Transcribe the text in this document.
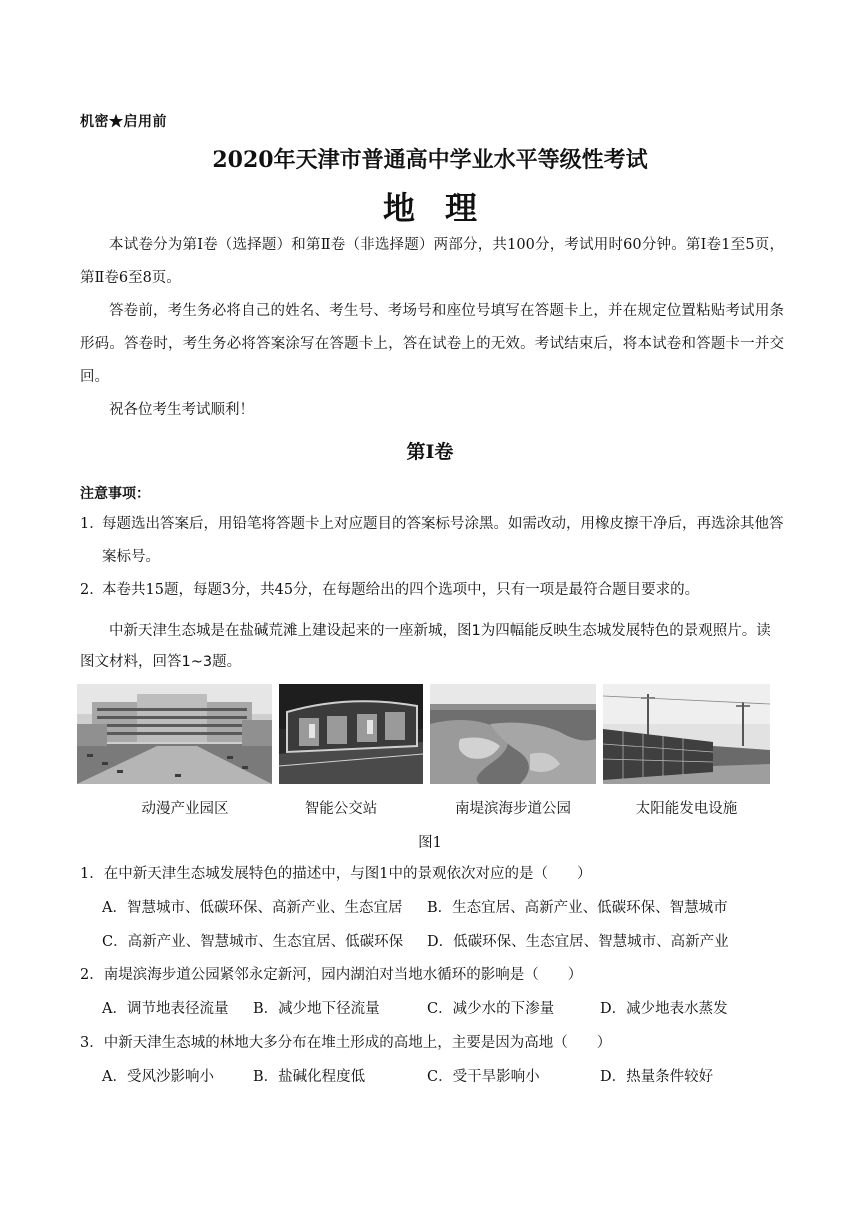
机密★启用前
2020年天津市普通高中学业水平等级性考试
地理
本试卷分为第Ⅰ卷（选择题）和第Ⅱ卷（非选择题）两部分，共100分，考试用时60分钟。第Ⅰ卷1至5页，第Ⅱ卷6至8页。
答卷前，考生务必将自己的姓名、考生号、考场号和座位号填写在答题卡上，并在规定位置粘贴考试用条形码。答卷时，考生务必将答案涂写在答题卡上，答在试卷上的无效。考试结束后，将本试卷和答题卡一并交回。
祝各位考生考试顺利！
第Ⅰ卷
注意事项：
1．
每题选出答案后，用铅笔将答题卡上对应题目的答案标号涂黑。如需改动，用橡皮擦干净后，再选涂其他答案标号。
2．
本卷共15题，每题3分，共45分，在每题给出的四个选项中，只有一项是最符合题目要求的。
中新天津生态城是在盐碱荒滩上建设起来的一座新城，图1为四幅能反映生态城发展特色的景观照片。读图文材料，回答1~3题。
动漫产业园区	智能公交站	南堤滨海步道公园	太阳能发电设施
图1
1．在中新天津生态城发展特色的描述中，与图1中的景观依次对应的是（　　）
A．智慧城市、低碳环保、高新产业、生态宜居 B．生态宜居、高新产业、低碳环保、智慧城市
C．高新产业、智慧城市、生态宜居、低碳环保 D．低碳环保、生态宜居、智慧城市、高新产业
2．南堤滨海步道公园紧邻永定新河，园内湖泊对当地水循环的影响是（　　）
A．调节地表径流量 B．减少地下径流量	C．减少水的下渗量	D．减少地表水蒸发
3．中新天津生态城的林地大多分布在堆土形成的高地上，主要是因为高地（　　）
A．受风沙影响小	B．盐碱化程度低	C．受干旱影响小	D．热量条件较好
